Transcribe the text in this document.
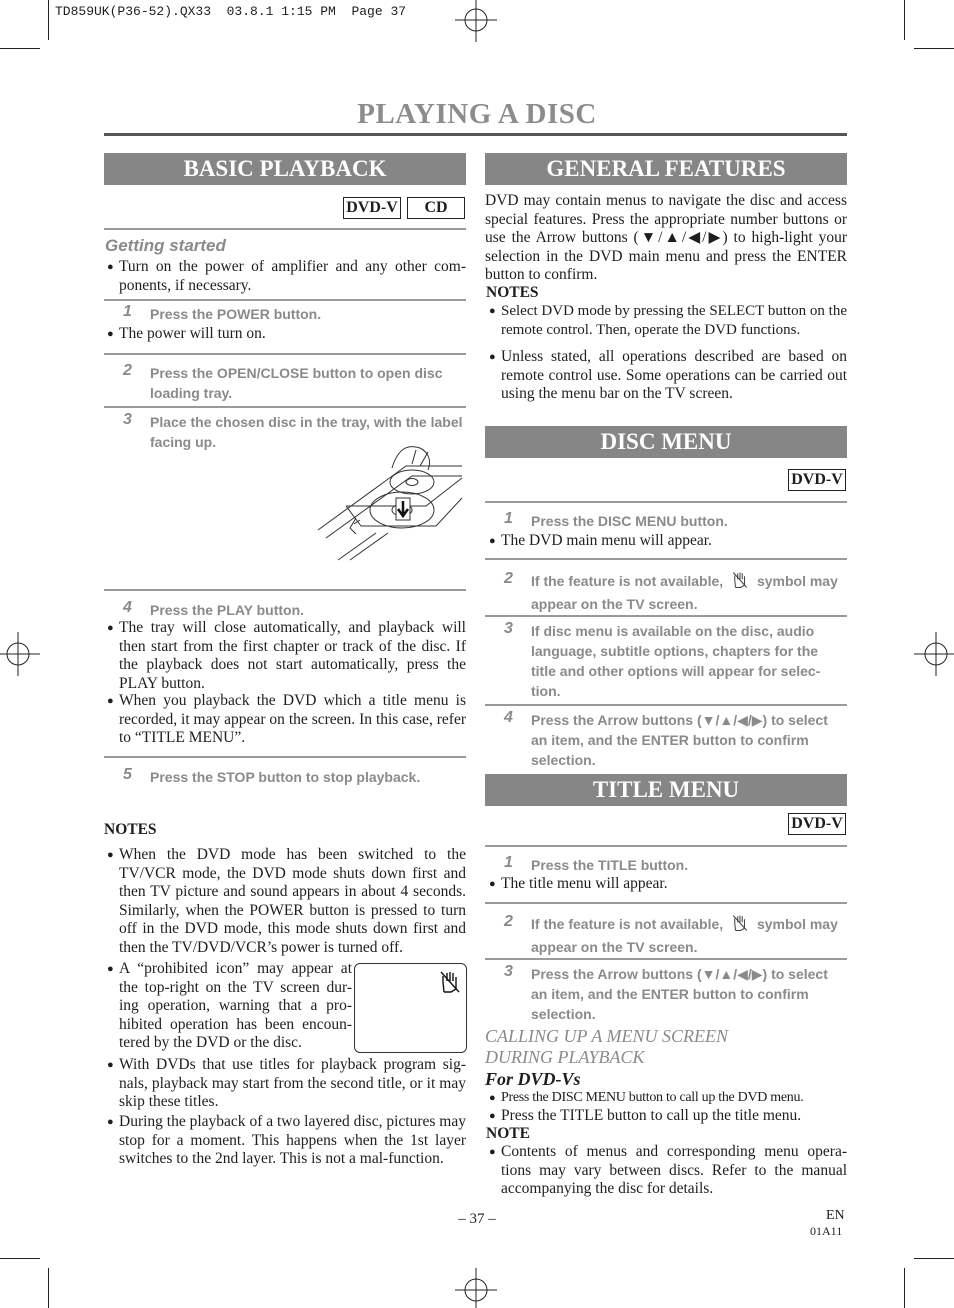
TD859UK(P36-52).QX33  03.8.1 1:15 PM  Page 37
PLAYING A DISC
BASIC PLAYBACK
DVD-V	CD
Getting started
● Turn on the power of amplifier and any other com-ponents, if necessary.
1 Press the POWER button.
● The power will turn on.
2 Press the OPEN/CLOSE button to open disc loading tray.
3 Place the chosen disc in the tray, with the label facing up.
4 Press the PLAY button.
● The tray will close automatically, and playback will then start from the first chapter or track of the disc. If the playback does not start automatically, press the PLAY button.
● When you playback the DVD which a title menu is recorded, it may appear on the screen. In this case, refer to “TITLE MENU”.
5 Press the STOP button to stop playback.
NOTES
● When the DVD mode has been switched to the TV/VCR mode, the DVD mode shuts down first and then TV picture and sound appears in about 4 seconds. Similarly, when the POWER button is pressed to turn off in the DVD mode, this mode shuts down first and then the TV/DVD/VCR’s power is turned off.
● A “prohibited icon” may appear at the top-right on the TV screen dur-ing operation, warning that a pro-hibited operation has been encoun-tered by the DVD or the disc.
● With DVDs that use titles for playback program sig-nals, playback may start from the second title, or it may skip these titles.
● During the playback of a two layered disc, pictures may stop for a moment. This happens when the 1st layer switches to the 2nd layer. This is not a mal-function.
GENERAL FEATURES
DVD may contain menus to navigate the disc and access special features. Press the appropriate number buttons or use the Arrow buttons (▼/▲/◀/▶) to high-light your selection in the DVD main menu and press the ENTER button to confirm.
NOTES
● Select DVD mode by pressing the SELECT button on the remote control. Then, operate the DVD functions.
● Unless stated, all operations described are based on remote control use. Some operations can be carried out using the menu bar on the TV screen.
DISC MENU
DVD-V
1 Press the DISC MENU button.
● The DVD main menu will appear.
2 If the feature is not available, symbol may appear on the TV screen.
3 If disc menu is available on the disc, audio language, subtitle options, chapters for the title and other options will appear for selec-tion.
4 Press the Arrow buttons (▼/▲/◀/▶) to select an item, and the ENTER button to confirm selection.
TITLE MENU
DVD-V
1 Press the TITLE button.
● The title menu will appear.
2 If the feature is not available, symbol may appear on the TV screen.
3 Press the Arrow buttons (▼/▲/◀/▶) to select an item, and the ENTER button to confirm selection.
CALLING UP A MENU SCREEN
DURING PLAYBACK
For DVD-Vs
● Press the DISC MENU button to call up the DVD menu.
● Press the TITLE button to call up the title menu.
NOTE
● Contents of menus and corresponding menu opera-tions may vary between discs. Refer to the manual accompanying the disc for details.
– 37 –	EN
01A11
